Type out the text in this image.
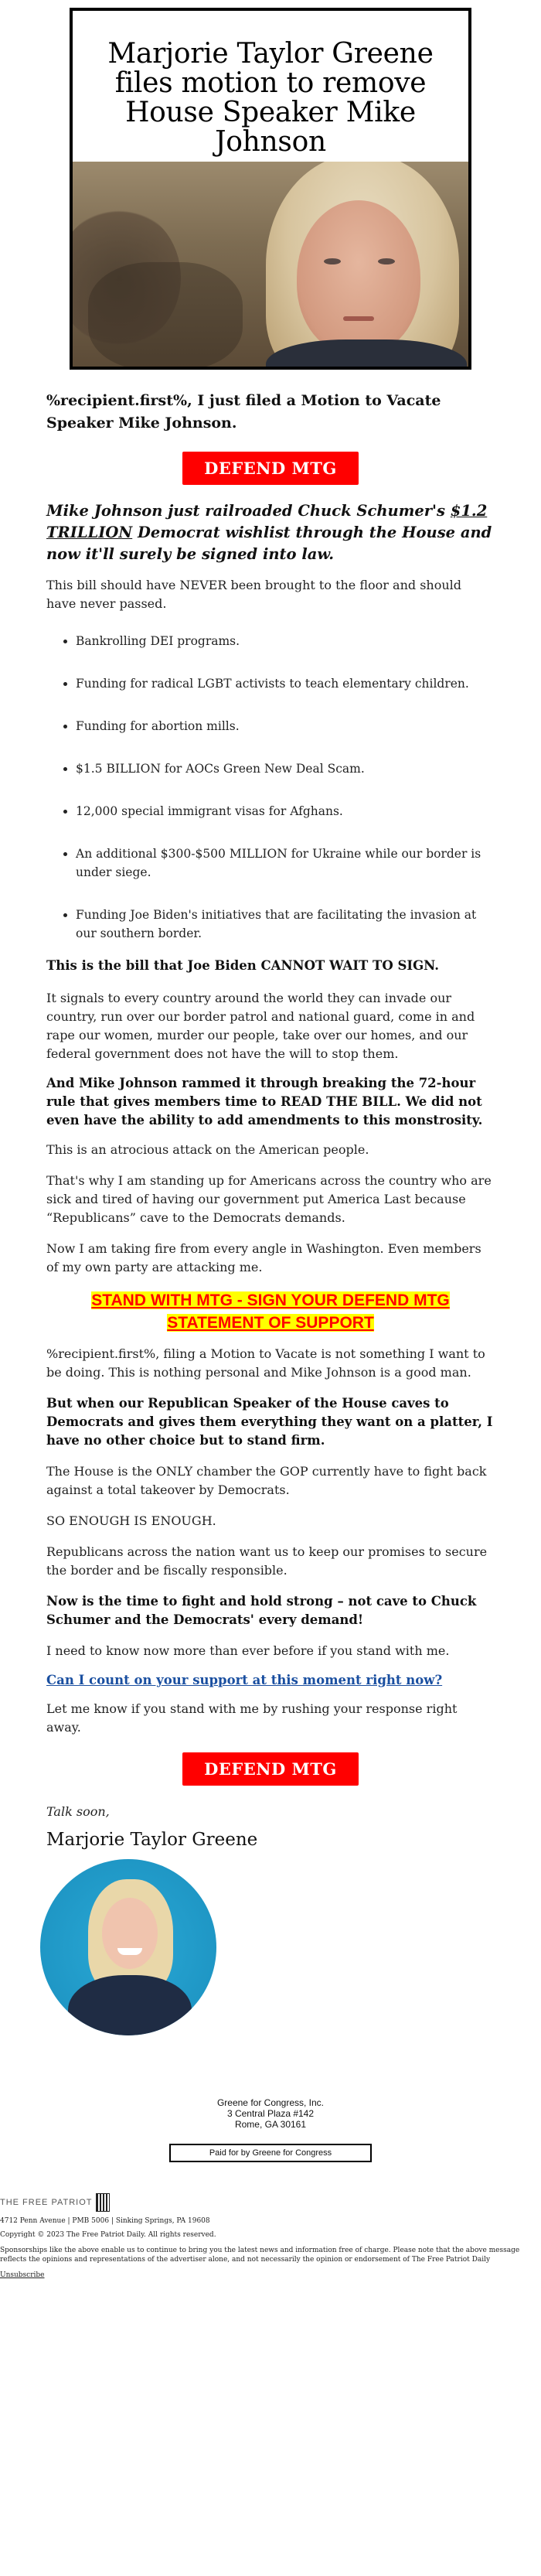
Marjorie Taylor Greene files motion to remove House Speaker Mike Johnson
%recipient.first%, I just filed a Motion to Vacate Speaker Mike Johnson.
DEFEND MTG
Mike Johnson just railroaded Chuck Schumer's $1.2 TRILLION Democrat wishlist through the House and now it'll surely be signed into law.

This bill should have NEVER been brought to the floor and should have never passed.

• Bankrolling DEI programs.
• Funding for radical LGBT activists to teach elementary children.
• Funding for abortion mills.
• $1.5 BILLION for AOCs Green New Deal Scam.
• 12,000 special immigrant visas for Afghans.
• An additional $300-$500 MILLION for Ukraine while our border is under siege.
• Funding Joe Biden's initiatives that are facilitating the invasion at our southern border.

This is the bill that Joe Biden CANNOT WAIT TO SIGN.

It signals to every country around the world they can invade our country, run over our border patrol and national guard, come in and rape our women, murder our people, take over our homes, and our federal government does not have the will to stop them.

And Mike Johnson rammed it through breaking the 72-hour rule that gives members time to READ THE BILL. We did not even have the ability to add amendments to this monstrosity.

This is an atrocious attack on the American people.

That's why I am standing up for Americans across the country who are sick and tired of having our government put America Last because “Republicans” cave to the Democrats demands.

Now I am taking fire from every angle in Washington. Even members of my own party are attacking me.

STAND WITH MTG - SIGN YOUR DEFEND MTG STATEMENT OF SUPPORT

%recipient.first%, filing a Motion to Vacate is not something I want to be doing. This is nothing personal and Mike Johnson is a good man.

But when our Republican Speaker of the House caves to Democrats and gives them everything they want on a platter, I have no other choice but to stand firm.

The House is the ONLY chamber the GOP currently have to fight back against a total takeover by Democrats.

SO ENOUGH IS ENOUGH.

Republicans across the nation want us to keep our promises to secure the border and be fiscally responsible.

Now is the time to fight and hold strong – not cave to Chuck Schumer and the Democrats' every demand!

I need to know now more than ever before if you stand with me.

Can I count on your support at this moment right now?

Let me know if you stand with me by rushing your response right away.

DEFEND MTG

Talk soon,

Marjorie Taylor Greene

Greene for Congress, Inc.
3 Central Plaza #142
Rome, GA 30161
Paid for by Greene for Congress
THE FREE PATRIOT
4712 Penn Avenue | PMB 5006 | Sinking Springs, PA 19608
Copyright © 2023 The Free Patriot Daily. All rights reserved.
Sponsorships like the above enable us to continue to bring you the latest news and information free of charge. Please note that the above message reflects the opinions and representations of the advertiser alone, and not necessarily the opinion or endorsement of The Free Patriot Daily
Unsubscribe
